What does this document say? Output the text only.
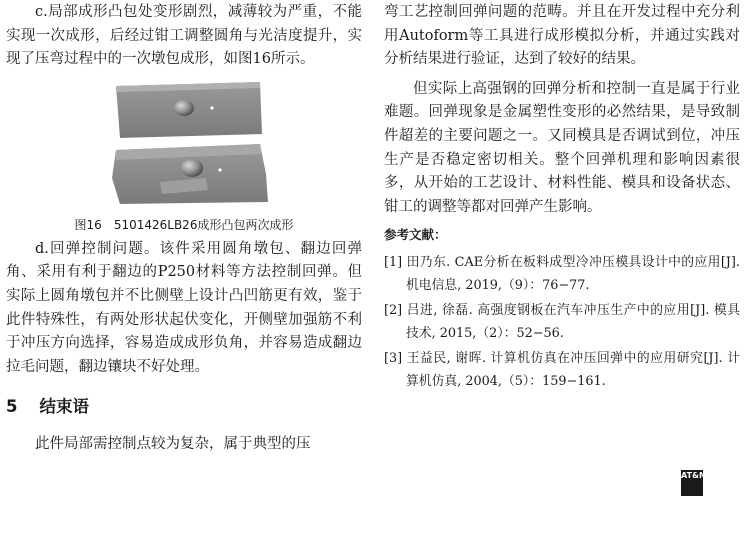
c.局部成形凸包处变形剧烈，减薄较为严重，不能实现一次成形，后经过钳工调整圆角与光洁度提升，实现了压弯过程中的一次墩包成形，如图16所示。

图16　5101426LB26成形凸包两次成形

d.回弹控制问题。该件采用圆角墩包、翻边回弹角、采用有利于翻边的P250材料等方法控制回弹。但实际上圆角墩包并不比侧壁上设计凸凹筋更有效，鉴于此件特殊性，有两处形状起伏变化，开侧壁加强筋不利于冲压方向选择，容易造成成形负角，并容易造成翻边拉毛问题，翻边镶块不好处理。

5 结束语

此件局部需控制点较为复杂，属于典型的压

弯工艺控制回弹问题的范畴。并且在开发过程中充分利用Autoform等工具进行成形模拟分析，并通过实践对分析结果进行验证，达到了较好的结果。

但实际上高强钢的回弹分析和控制一直是属于行业难题。回弹现象是金属塑性变形的必然结果，是导致制件超差的主要问题之一。又同模具是否调试到位，冲压生产是否稳定密切相关。整个回弹机理和影响因素很多，从开始的工艺设计、材料性能、模具和设备状态、钳工的调整等都对回弹产生影响。

参考文献：

[1] 田乃东. CAE分析在板料成型冷冲压模具设计中的应用[J]. 机电信息, 2019,（9）：76−77.

[2] 吕进, 徐磊. 高强度钢板在汽车冲压生产中的应用[J]. 模具技术, 2015,（2）：52−56.

[3] 王益民, 谢晖. 计算机仿真在冲压回弹中的应用研究[J]. 计算机仿真, 2004,（5）：159−161.

AT&M
